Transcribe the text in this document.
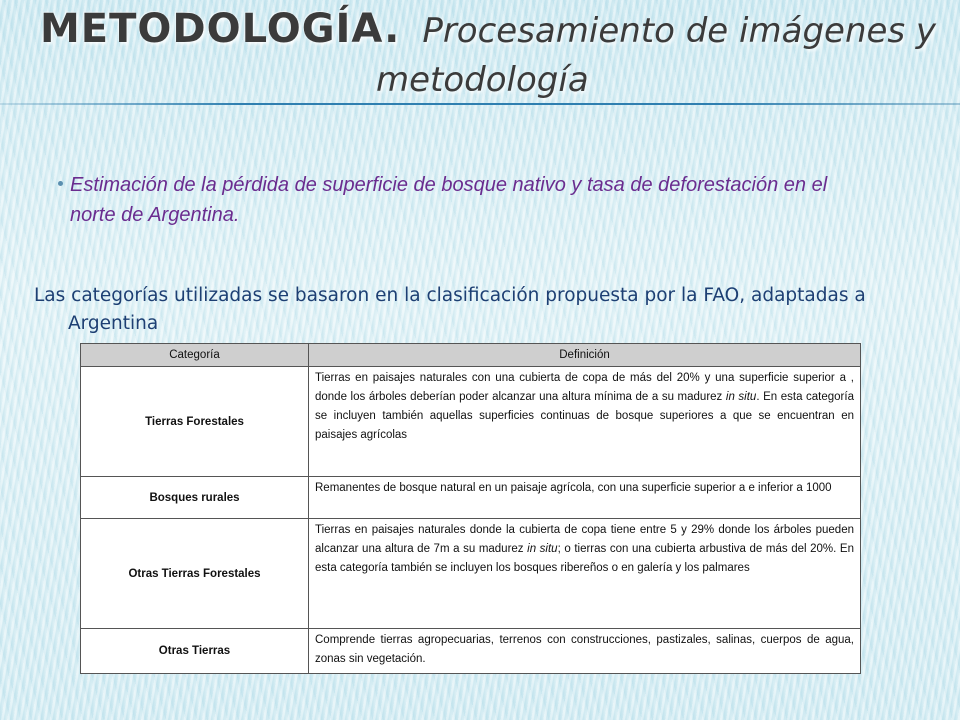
METODOLOGÍA. Procesamiento de imágenes y
metodología
Estimación de la pérdida de superficie de bosque nativo y tasa de deforestación en el norte de Argentina.
Las categorías utilizadas se basaron en la clasificación propuesta por la FAO, adaptadas a Argentina
Categoría	Definición
Tierras Forestales	Tierras en paisajes naturales con una cubierta de copa de más del 20% y una superficie superior a , donde los árboles deberían poder alcanzar una altura mínima de a su madurez in situ. En esta categoría se incluyen también aquellas superficies continuas de bosque superiores a que se encuentran en paisajes agrícolas
Bosques rurales	Remanentes de bosque natural en un paisaje agrícola, con una superficie superior a e inferior a 1000
Otras Tierras Forestales	Tierras en paisajes naturales donde la cubierta de copa tiene entre 5 y 29% donde los árboles pueden alcanzar una altura de 7m a su madurez in situ; o tierras con una cubierta arbustiva de más del 20%. En esta categoría también se incluyen los bosques ribereños o en galería y los palmares
Otras Tierras	Comprende tierras agropecuarias, terrenos con construcciones, pastizales, salinas, cuerpos de agua, zonas sin vegetación.
